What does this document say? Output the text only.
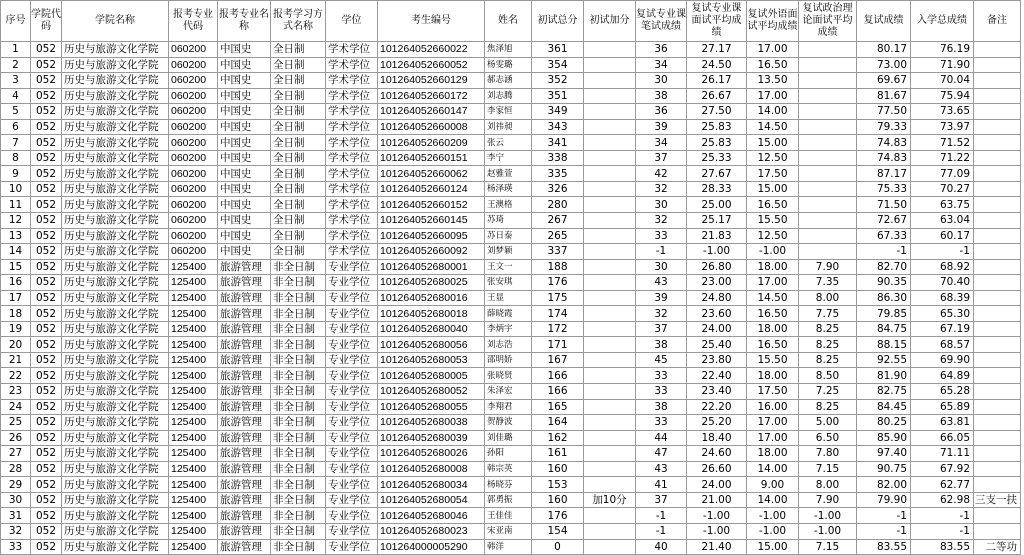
序号	学院代码	学院名称	报考专业代码	报考专业名称	报考学习方式名称	学位	考生编号	姓名	初试总分	初试加分	复试专业课笔试成绩	复试专业课面试平均成绩	复试外语面试平均成绩	复试政治理论面试平均成绩	复试成绩	入学总成绩	备注
1	052	历史与旅游文化学院	060200	中国史	全日制	学术学位	101264052660022	焦泽旭	361		36	27.17	17.00		80.17	76.19	
2	052	历史与旅游文化学院	060200	中国史	全日制	学术学位	101264052660052	杨雯璐	354		34	24.50	16.50		73.00	71.90	
3	052	历史与旅游文化学院	060200	中国史	全日制	学术学位	101264052660129	郝志涵	352		30	26.17	13.50		69.67	70.04	
4	052	历史与旅游文化学院	060200	中国史	全日制	学术学位	101264052660172	刘志腾	351		38	26.67	17.00		81.67	75.94	
5	052	历史与旅游文化学院	060200	中国史	全日制	学术学位	101264052660147	李家恒	349		36	27.50	14.00		77.50	73.65	
6	052	历史与旅游文化学院	060200	中国史	全日制	学术学位	101264052660008	刘祎昶	343		39	25.83	14.50		79.33	73.97	
7	052	历史与旅游文化学院	060200	中国史	全日制	学术学位	101264052660209	张云	341		34	25.83	15.00		74.83	71.52	
8	052	历史与旅游文化学院	060200	中国史	全日制	学术学位	101264052660151	李宁	338		37	25.33	12.50		74.83	71.22	
9	052	历史与旅游文化学院	060200	中国史	全日制	学术学位	101264052660062	赵雅萱	335		42	27.67	17.50		87.17	77.09	
10	052	历史与旅游文化学院	060200	中国史	全日制	学术学位	101264052660124	杨泽瑛	326		32	28.33	15.00		75.33	70.27	
11	052	历史与旅游文化学院	060200	中国史	全日制	学术学位	101264052660152	王澳格	280		30	25.00	16.50		71.50	63.75	
12	052	历史与旅游文化学院	060200	中国史	全日制	学术学位	101264052660145	苏琦	267		32	25.17	15.50		72.67	63.04	
13	052	历史与旅游文化学院	060200	中国史	全日制	学术学位	101264052660095	苏日泰	265		33	21.83	12.50		67.33	60.17	
14	052	历史与旅游文化学院	060200	中国史	全日制	学术学位	101264052660092	刘梦颖	337		-1	-1.00	-1.00		-1	-1	
15	052	历史与旅游文化学院	125400	旅游管理	非全日制	专业学位	101264052680001	王文一	188		30	26.80	18.00	7.90	82.70	68.92	
16	052	历史与旅游文化学院	125400	旅游管理	非全日制	专业学位	101264052680025	张安琪	176		43	23.00	17.00	7.35	90.35	70.40	
17	052	历史与旅游文化学院	125400	旅游管理	非全日制	专业学位	101264052680016	王显	175		39	24.80	14.50	8.00	86.30	68.39	
18	052	历史与旅游文化学院	125400	旅游管理	非全日制	专业学位	101264052680018	薛晓霞	174		32	23.60	16.50	7.75	79.85	65.30	
19	052	历史与旅游文化学院	125400	旅游管理	非全日制	专业学位	101264052680040	李炳宇	172		37	24.00	18.00	8.25	84.75	67.19	
20	052	历史与旅游文化学院	125400	旅游管理	非全日制	专业学位	101264052680056	刘志浩	171		38	25.40	16.50	8.25	88.15	68.57	
21	052	历史与旅游文化学院	125400	旅游管理	非全日制	专业学位	101264052680053	邵明娇	167		45	23.80	15.50	8.25	92.55	69.90	
22	052	历史与旅游文化学院	125400	旅游管理	非全日制	专业学位	101264052680005	张晓贤	166		33	22.40	18.00	8.50	81.90	64.89	
23	052	历史与旅游文化学院	125400	旅游管理	非全日制	专业学位	101264052680052	朱泽宏	166		33	23.40	17.50	7.25	82.75	65.28	
24	052	历史与旅游文化学院	125400	旅游管理	非全日制	专业学位	101264052680055	李翔君	165		38	22.20	16.00	8.25	84.45	65.89	
25	052	历史与旅游文化学院	125400	旅游管理	非全日制	专业学位	101264052680038	贺静波	164		33	25.20	17.00	5.00	80.25	63.81	
26	052	历史与旅游文化学院	125400	旅游管理	非全日制	专业学位	101264052680039	刘佳璐	162		44	18.40	17.00	6.50	85.90	66.05	
27	052	历史与旅游文化学院	125400	旅游管理	非全日制	专业学位	101264052680026	孙阳	161		47	24.60	18.00	7.80	97.40	71.11	
28	052	历史与旅游文化学院	125400	旅游管理	非全日制	专业学位	101264052680008	韩宗英	160		43	26.60	14.00	7.15	90.75	67.92	
29	052	历史与旅游文化学院	125400	旅游管理	非全日制	专业学位	101264052680034	杨晓芬	153		41	24.00	9.00	8.00	82.00	62.77	
30	052	历史与旅游文化学院	125400	旅游管理	非全日制	专业学位	101264052680054	郭勇振	160	加10分	37	21.00	14.00	7.90	79.90	62.98	三支一扶
31	052	历史与旅游文化学院	125400	旅游管理	非全日制	专业学位	101264052680046	王佳佳	176		-1	-1.00	-1.00	-1.00	-1	-1	
32	052	历史与旅游文化学院	125400	旅游管理	非全日制	专业学位	101264052680023	宋亚南	154		-1	-1.00	-1.00	-1.00	-1	-1	
33	052	历史与旅游文化学院	125400	旅游管理	非全日制	专业学位	101264000005290	韩洋	0		40	21.40	15.00	7.15	83.55	83.55	二等功
